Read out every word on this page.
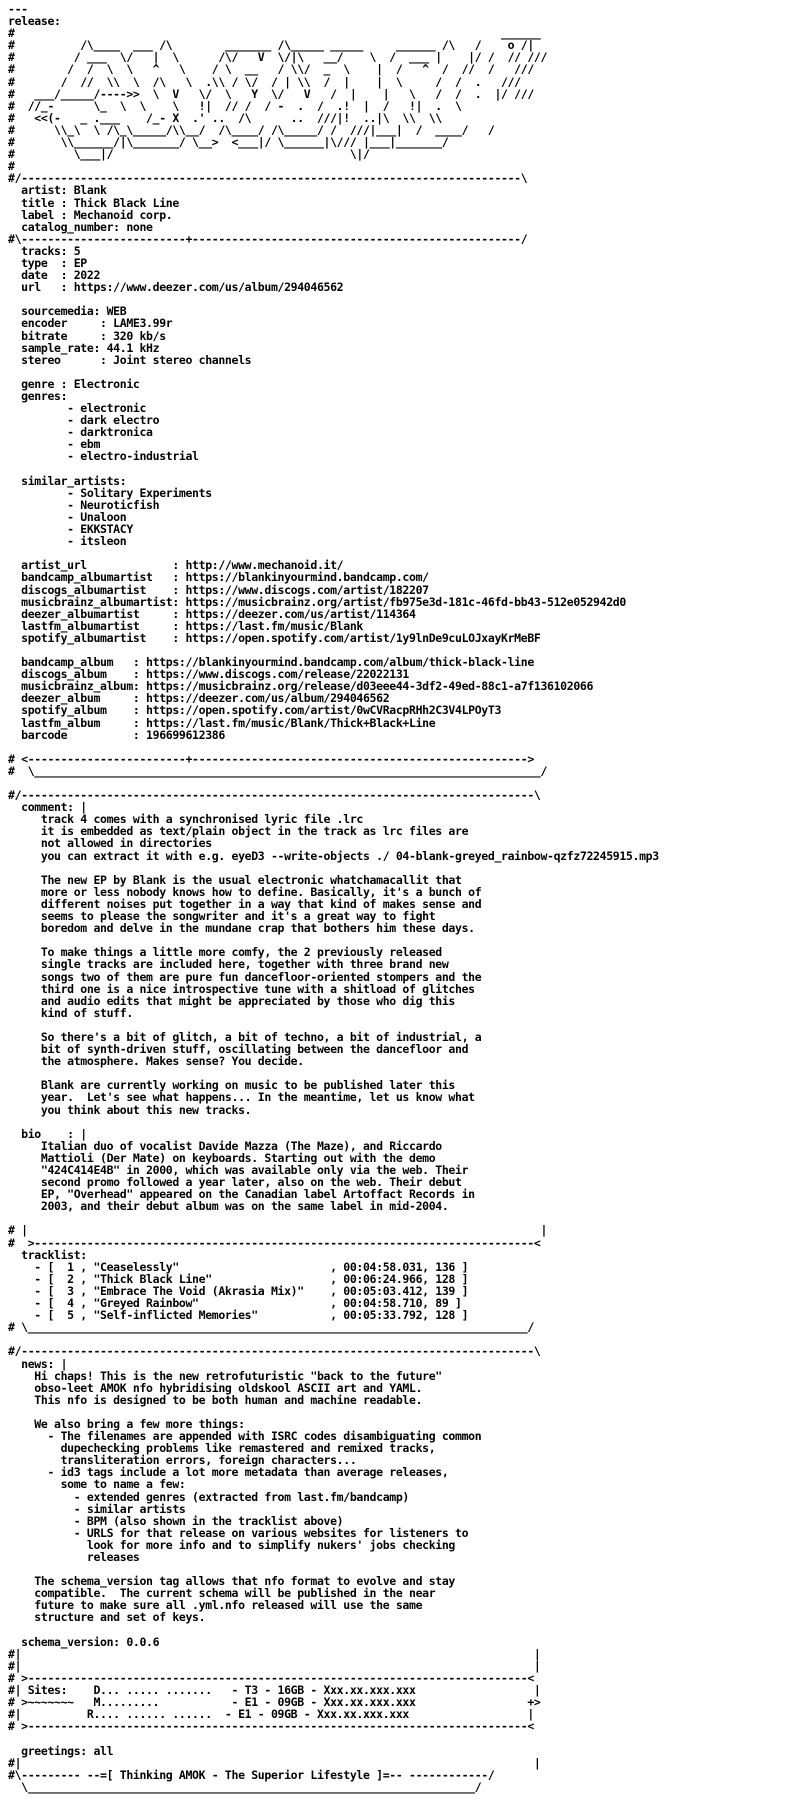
---
release:
#                                                                          ______
#          /\____  ___ /\        _______ /\_____ _____     ______ /\   /    o /|
#         / ___  \/   |  \      /\/   V  \/|\   __/    \  /  ___ |    |/ /  // ///
#        /  /  \  \   ^   \    / \  __   / \\/  _  \    |  /   ^  /  //  /   ///
#       /  //  \\  \  /\   \  .\\ / \/  / | \\  /  |    |  \     /  /  .   ///
#   ___/_____/---->>  \  V   \/  \   Y  \/   V   /  |    |   \   /  /  .  |/ ///
#  //_-      \_  \  \    \   !|  // /  / -  .  /  .!  |  /   !|  .  \
#   <<(-   _ .___    /_- X  .' ..  /\      ..  ///|!  ..|\  \\  \\
#      \\_\  \ /\_\_____/\\__/  /\____/ /\_____/ /  ///|___|  /  ____/   /
#       \\______/|\_______/ \__>  <___|/ \______|\/// |___|_______/
#         \___|/                                    \|/
#
#/----------------------------------------------------------------------------\
artist: Blank
title : Thick Black Line
label : Mechanoid corp.
catalog_number: none
#\-------------------------+--------------------------------------------------/
tracks: 5
type  : EP
date  : 2022
url   : https://www.deezer.com/us/album/294046562

sourcemedia: WEB
encoder     : LAME3.99r
bitrate     : 320 kb/s
sample_rate: 44.1 kHz
stereo      : Joint stereo channels

genre : Electronic
genres:
- electronic
- dark electro
- darktronica
- ebm
- electro-industrial

similar_artists:
- Solitary Experiments
- Neuroticfish
- Unaloon
- EKKSTACY
- itsleon

artist_url             : http://www.mechanoid.it/
bandcamp_albumartist   : https://blankinyourmind.bandcamp.com/
discogs_albumartist    : https://www.discogs.com/artist/182207
musicbrainz_albumartist: https://musicbrainz.org/artist/fb975e3d-181c-46fd-bb43-512e052942d0
deezer_albumartist     : https://deezer.com/us/artist/114364
lastfm_albumartist     : https://last.fm/music/Blank
spotify_albumartist    : https://open.spotify.com/artist/1y9lnDe9cuLOJxayKrMeBF

bandcamp_album   : https://blankinyourmind.bandcamp.com/album/thick-black-line
discogs_album    : https://www.discogs.com/release/22022131
musicbrainz_album: https://musicbrainz.org/release/d03eee44-3df2-49ed-88c1-a7f136102066
deezer_album     : https://deezer.com/us/album/294046562
spotify_album    : https://open.spotify.com/artist/0wCVRacpRHh2C3V4LPOyT3
lastfm_album     : https://last.fm/music/Blank/Thick+Black+Line
barcode          : 196699612386

# <------------------------+--------------------------------------------------->
#  \_____________________________________________________________________________/

#/------------------------------------------------------------------------------\
comment: |
track 4 comes with a synchronised lyric file .lrc
it is embedded as text/plain object in the track as lrc files are
not allowed in directories
you can extract it with e.g. eyeD3 --write-objects ./ 04-blank-greyed_rainbow-qzfz72245915.mp3

The new EP by Blank is the usual electronic whatchamacallit that
more or less nobody knows how to define. Basically, it's a bunch of
different noises put together in a way that kind of makes sense and
seems to please the songwriter and it's a great way to fight
boredom and delve in the mundane crap that bothers him these days.

To make things a little more comfy, the 2 previously released
single tracks are included here, together with three brand new
songs two of them are pure fun dancefloor-oriented stompers and the
third one is a nice introspective tune with a shitload of glitches
and audio edits that might be appreciated by those who dig this
kind of stuff.

So there's a bit of glitch, a bit of techno, a bit of industrial, a
bit of synth-driven stuff, oscillating between the dancefloor and
the atmosphere. Makes sense? You decide.

Blank are currently working on music to be published later this
year.  Let's see what happens... In the meantime, let us know what
you think about this new tracks.

bio    : |
Italian duo of vocalist Davide Mazza (The Maze), and Riccardo
Mattioli (Der Mate) on keyboards. Starting out with the demo
"424C414E4B" in 2000, which was available only via the web. Their
second promo followed a year later, also on the web. Their debut
EP, "Overhead" appeared on the Canadian label Artoffact Records in
2003, and their debut album was on the same label in mid-2004.

# |                                                                              |
#  >----------------------------------------------------------------------------<
tracklist:
- [  1 , "Ceaselessly"                       , 00:04:58.031, 136 ]
- [  2 , "Thick Black Line"                  , 00:06:24.966, 128 ]
- [  3 , "Embrace The Void (Akrasia Mix)"    , 00:05:03.412, 139 ]
- [  4 , "Greyed Rainbow"                    , 00:04:58.710, 89 ]
- [  5 , "Self-inflicted Memories"           , 00:05:33.792, 128 ]
# \____________________________________________________________________________/

#/------------------------------------------------------------------------------\
news: |
Hi chaps! This is the new retrofuturistic "back to the future"
obso-leet AMOK nfo hybridising oldskool ASCII art and YAML.
This nfo is designed to be both human and machine readable.

We also bring a few more things:
- The filenames are appended with ISRC codes disambiguating common
dupechecking problems like remastered and remixed tracks,
transliteration errors, foreign characters...
- id3 tags include a lot more metadata than average releases,
some to name a few:
- extended genres (extracted from last.fm/bandcamp)
- similar artists
- BPM (also shown in the tracklist above)
- URLS for that release on various websites for listeners to
look for more info and to simplify nukers' jobs checking
releases

The schema_version tag allows that nfo format to evolve and stay
compatible.  The current schema will be published in the near
future to make sure all .yml.nfo released will use the same
structure and set of keys.

schema_version: 0.0.6
#|                                                                              |
#|                                                                              |
# >----------------------------------------------------------------------------<
#| Sites:    D... ..... .......   - T3 - 16GB - Xxx.xx.xxx.xxx                  |
# >~~~~~~~   M.........           - E1 - 09GB - Xxx.xx.xxx.xxx                 +>
#|          R.... ...... ......  - E1 - 09GB - Xxx.xx.xxx.xxx                  |
# >----------------------------------------------------------------------------<

greetings: all
#|                                                                              |
#\--------- --=[ Thinking AMOK - The Superior Lifestyle ]=-- ------------/
\____________________________________________________________________/
